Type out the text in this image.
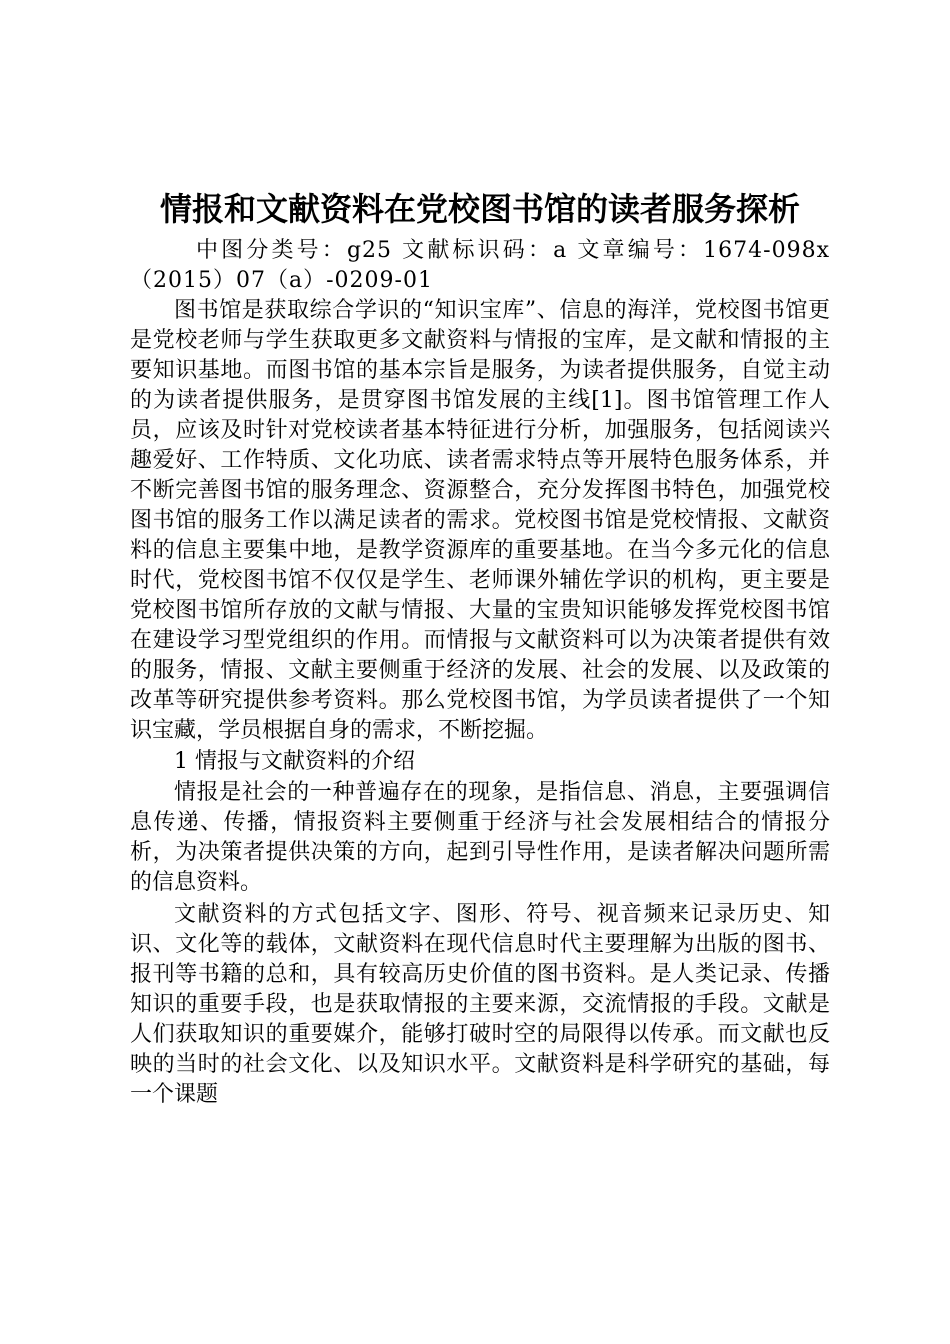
情报和文献资料在党校图书馆的读者服务探析

中图分类号：g25 文献标识码：a 文章编号：1674-098x（2015）07（a）-0209-01

图书馆是获取综合学识的“知识宝库”、信息的海洋，党校图书馆更是党校老师与学生获取更多文献资料与情报的宝库，是文献和情报的主要知识基地。而图书馆的基本宗旨是服务，为读者提供服务，自觉主动的为读者提供服务，是贯穿图书馆发展的主线[1]。图书馆管理工作人员，应该及时针对党校读者基本特征进行分析，加强服务，包括阅读兴趣爱好、工作特质、文化功底、读者需求特点等开展特色服务体系，并不断完善图书馆的服务理念、资源整合，充分发挥图书特色，加强党校图书馆的服务工作以满足读者的需求。党校图书馆是党校情报、文献资料的信息主要集中地，是教学资源库的重要基地。在当今多元化的信息时代，党校图书馆不仅仅是学生、老师课外辅佐学识的机构，更主要是党校图书馆所存放的文献与情报、大量的宝贵知识能够发挥党校图书馆在建设学习型党组织的作用。而情报与文献资料可以为决策者提供有效的服务，情报、文献主要侧重于经济的发展、社会的发展、以及政策的改革等研究提供参考资料。那么党校图书馆，为学员读者提供了一个知识宝藏，学员根据自身的需求，不断挖掘。

1 情报与文献资料的介绍

情报是社会的一种普遍存在的现象，是指信息、消息，主要强调信息传递、传播，情报资料主要侧重于经济与社会发展相结合的情报分析，为决策者提供决策的方向，起到引导性作用，是读者解决问题所需的信息资料。

文献资料的方式包括文字、图形、符号、视音频来记录历史、知识、文化等的载体，文献资料在现代信息时代主要理解为出版的图书、报刊等书籍的总和，具有较高历史价值的图书资料。是人类记录、传播知识的重要手段，也是获取情报的主要来源，交流情报的手段。文献是人们获取知识的重要媒介，能够打破时空的局限得以传承。而文献也反映的当时的社会文化、以及知识水平。文献资料是科学研究的基础，每一个课题
